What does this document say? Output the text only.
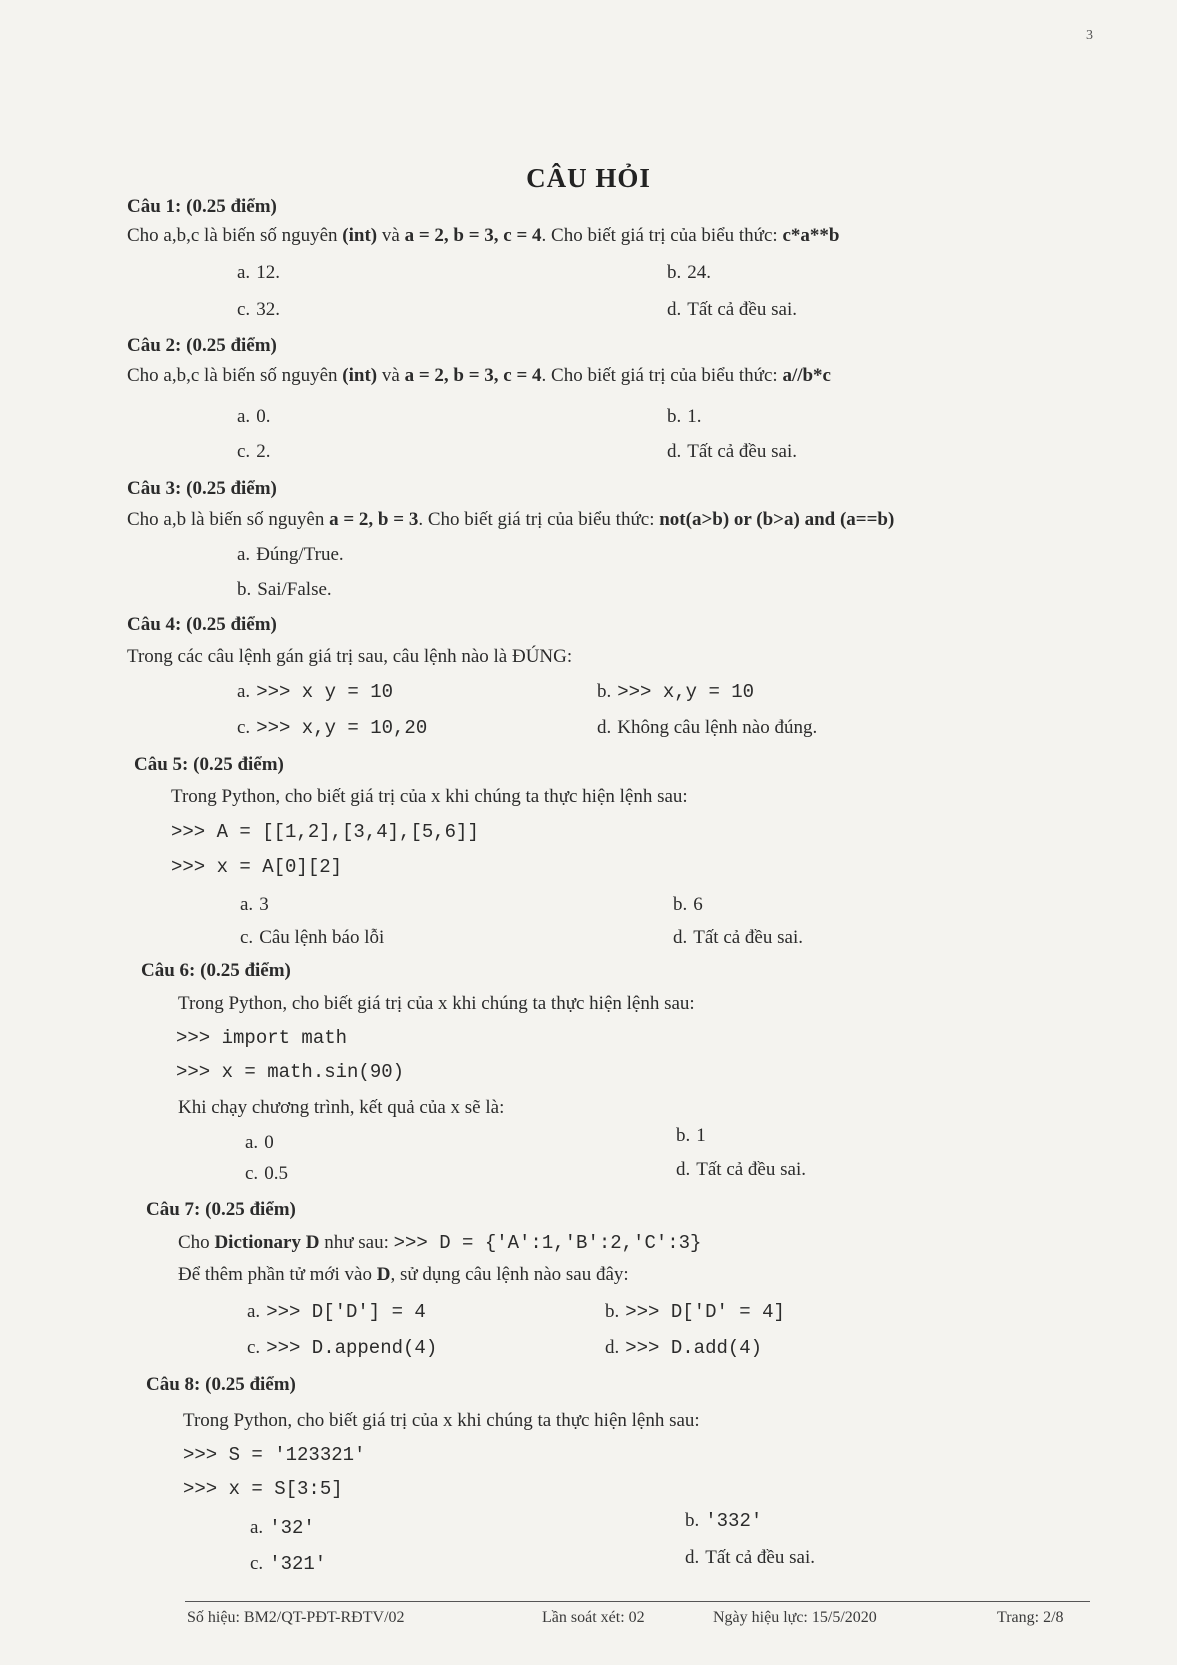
3
CÂU HỎI
Câu 1: (0.25 điểm)
Cho a,b,c là biến số nguyên (int) và a = 2, b = 3, c = 4. Cho biết giá trị của biểu thức: c*a**b
a. 12.	b. 24.
c. 32.	d. Tất cả đều sai.
Câu 2: (0.25 điểm)
Cho a,b,c là biến số nguyên (int) và a = 2, b = 3, c = 4. Cho biết giá trị của biểu thức: a//b*c
a. 0.	b. 1.
c. 2.	d. Tất cả đều sai.
Câu 3: (0.25 điểm)
Cho a,b là biến số nguyên a = 2, b = 3. Cho biết giá trị của biểu thức: not(a>b) or (b>a) and (a==b)
a. Đúng/True.
b. Sai/False.
Câu 4: (0.25 điểm)
Trong các câu lệnh gán giá trị sau, câu lệnh nào là ĐÚNG:
a. >>> x y = 10	b. >>> x,y = 10
c. >>> x,y = 10,20	d. Không câu lệnh nào đúng.
Câu 5: (0.25 điểm)
Trong Python, cho biết giá trị của x khi chúng ta thực hiện lệnh sau:
>>> A = [[1,2],[3,4],[5,6]]
>>> x = A[0][2]
a. 3	b. 6
c. Câu lệnh báo lỗi	d. Tất cả đều sai.
Câu 6: (0.25 điểm)
Trong Python, cho biết giá trị của x khi chúng ta thực hiện lệnh sau:
>>> import math
>>> x = math.sin(90)
Khi chạy chương trình, kết quả của x sẽ là:
a. 0	b. 1
c. 0.5	d. Tất cả đều sai.
Câu 7: (0.25 điểm)
Cho Dictionary D như sau: >>> D = {'A':1,'B':2,'C':3}
Để thêm phần tử mới vào D, sử dụng câu lệnh nào sau đây:
a. >>> D['D'] = 4	b. >>> D['D' = 4]
c. >>> D.append(4)	d. >>> D.add(4)
Câu 8: (0.25 điểm)
Trong Python, cho biết giá trị của x khi chúng ta thực hiện lệnh sau:
>>> S = '123321'
>>> x = S[3:5]
a. '32'	b. '332'
c. '321'	d. Tất cả đều sai.
Số hiệu: BM2/QT-PĐT-RĐTV/02	Lần soát xét: 02	Ngày hiệu lực: 15/5/2020	Trang: 2/8
